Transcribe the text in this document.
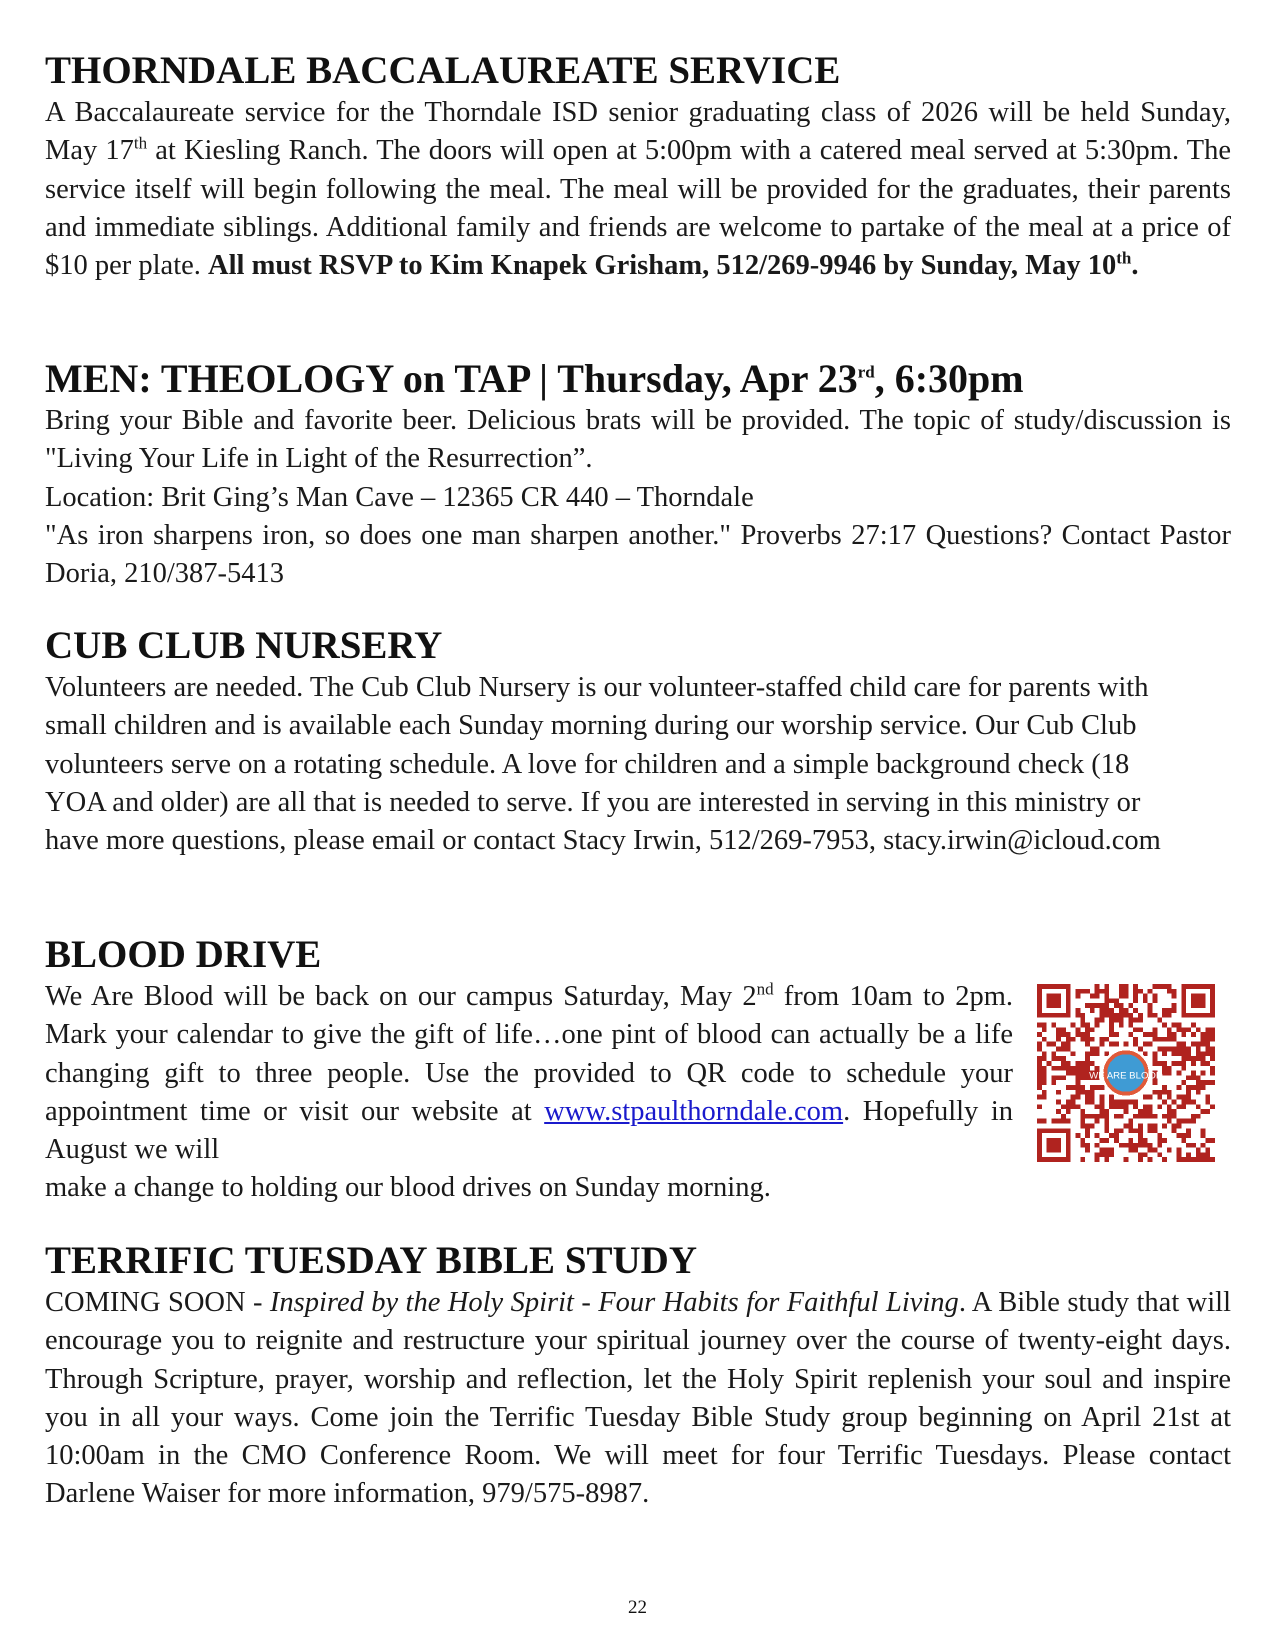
THORNDALE BACCALAUREATE SERVICE

A Baccalaureate service for the Thorndale ISD senior graduating class of 2026 will be held Sunday, May 17th at Kiesling Ranch. The doors will open at 5:00pm with a catered meal served at 5:30pm. The service itself will begin following the meal. The meal will be provided for the graduates, their parents and immediate siblings. Additional family and friends are welcome to partake of the meal at a price of $10 per plate. All must RSVP to Kim Knapek Grisham, 512/269-9946 by Sunday, May 10th.

MEN: THEOLOGY on TAP | Thursday, Apr 23rd, 6:30pm

Bring your Bible and favorite beer. Delicious brats will be provided. The topic of study/discussion is "Living Your Life in Light of the Resurrection”.

Location: Brit Ging’s Man Cave – 12365 CR 440 – Thorndale

"As iron sharpens iron, so does one man sharpen another." Proverbs 27:17 Questions? Contact Pastor Doria, 210/387-5413

CUB CLUB NURSERY

Volunteers are needed. The Cub Club Nursery is our volunteer-staffed child care for parents with small children and is available each Sunday morning during our worship service. Our Cub Club volunteers serve on a rotating schedule. A love for children and a simple background check (18 YOA and older) are all that is needed to serve. If you are interested in serving in this ministry or have more questions, please email or contact Stacy Irwin, 512/269-7953, stacy.irwin@icloud.com

BLOOD DRIVE

We Are Blood will be back on our campus Saturday, May 2nd from 10am to 2pm. Mark your calendar to give the gift of life…one pint of blood can actually be a life changing gift to three people. Use the provided to QR code to schedule your appointment time or visit our website at www.stpaulthorndale.com. Hopefully in August we will

make a change to holding our blood drives on Sunday morning.

WE ARE BLOOD
TERRIFIC TUESDAY BIBLE STUDY

COMING SOON - Inspired by the Holy Spirit - Four Habits for Faithful Living. A Bible study that will encourage you to reignite and restructure your spiritual journey over the course of twenty-eight days. Through Scripture, prayer, worship and reflection, let the Holy Spirit replenish your soul and inspire you in all your ways. Come join the Terrific Tuesday Bible Study group beginning on April 21st at 10:00am in the CMO Conference Room. We will meet for four Terrific Tuesdays. Please contact Darlene Waiser for more information, 979/575-8987.

22
